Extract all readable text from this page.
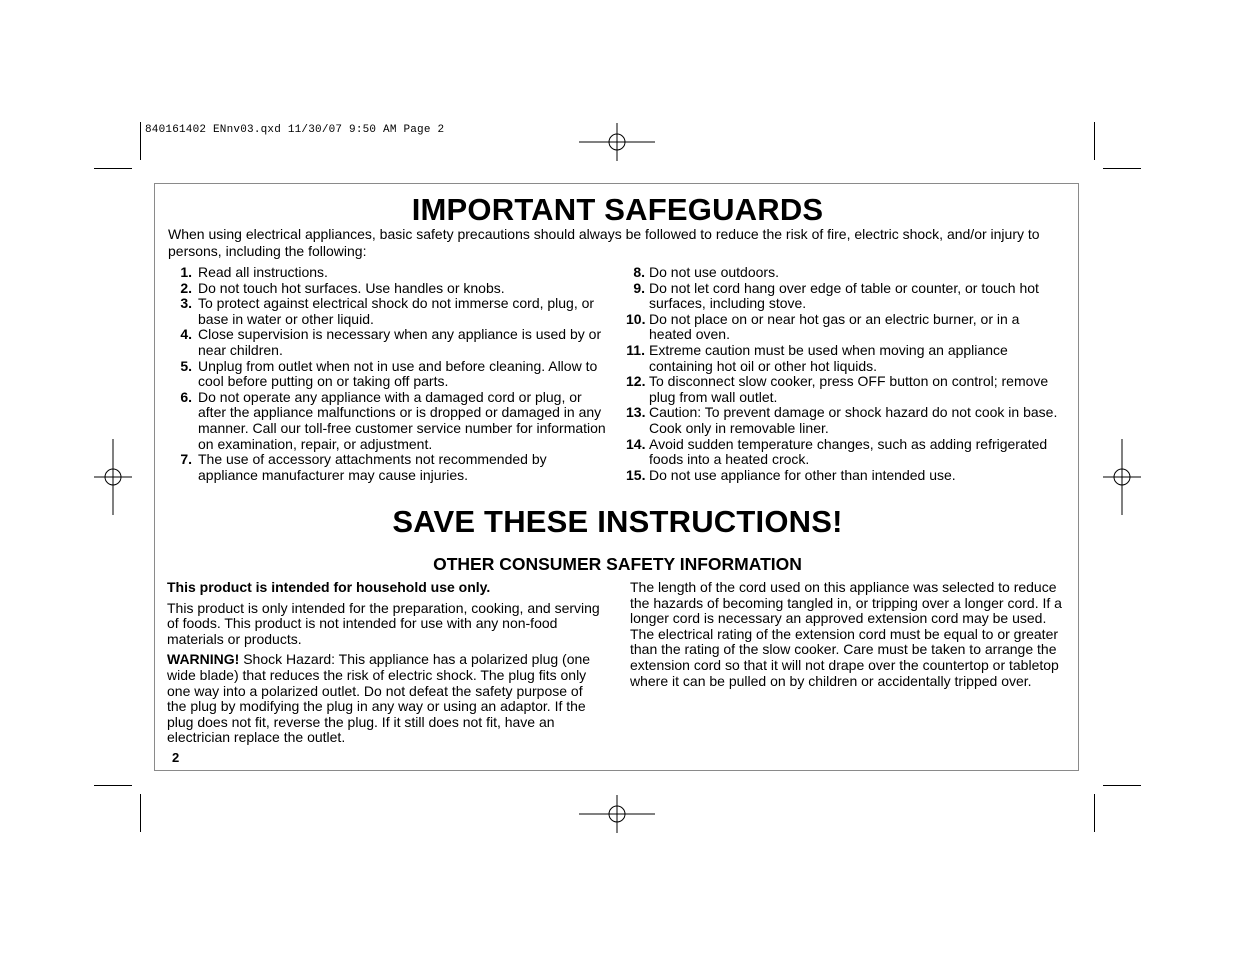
840161402 ENnv03.qxd 11/30/07 9:50 AM Page 2
IMPORTANT SAFEGUARDS
When using electrical appliances, basic safety precautions should always be followed to reduce the risk of fire, electric shock, and/or injury to persons, including the following:
1. Read all instructions.
2. Do not touch hot surfaces. Use handles or knobs.
3. To protect against electrical shock do not immerse cord, plug, or base in water or other liquid.
4. Close supervision is necessary when any appliance is used by or near children.
5. Unplug from outlet when not in use and before cleaning. Allow to cool before putting on or taking off parts.
6. Do not operate any appliance with a damaged cord or plug, or after the appliance malfunctions or is dropped or damaged in any manner. Call our toll-free customer service number for information on examination, repair, or adjustment.
7. The use of accessory attachments not recommended by appliance manufacturer may cause injuries.
8. Do not use outdoors.
9. Do not let cord hang over edge of table or counter, or touch hot surfaces, including stove.
10. Do not place on or near hot gas or an electric burner, or in a heated oven.
11. Extreme caution must be used when moving an appliance containing hot oil or other hot liquids.
12. To disconnect slow cooker, press OFF button on control; remove plug from wall outlet.
13. Caution: To prevent damage or shock hazard do not cook in base. Cook only in removable liner.
14. Avoid sudden temperature changes, such as adding refrigerated foods into a heated crock.
15. Do not use appliance for other than intended use.
SAVE THESE INSTRUCTIONS!
OTHER CONSUMER SAFETY INFORMATION

This product is intended for household use only.

This product is only intended for the preparation, cooking, and serving of foods. This product is not intended for use with any non-food materials or products.

WARNING! Shock Hazard: This appliance has a polarized plug (one wide blade) that reduces the risk of electric shock. The plug fits only one way into a polarized outlet. Do not defeat the safety purpose of the plug by modifying the plug in any way or using an adaptor. If the plug does not fit, reverse the plug. If it still does not fit, have an electrician replace the outlet.

The length of the cord used on this appliance was selected to reduce the hazards of becoming tangled in, or tripping over a longer cord. If a longer cord is necessary an approved extension cord may be used. The electrical rating of the extension cord must be equal to or greater than the rating of the slow cooker. Care must be taken to arrange the extension cord so that it will not drape over the countertop or tabletop where it can be pulled on by children or accidentally tripped over.

2
